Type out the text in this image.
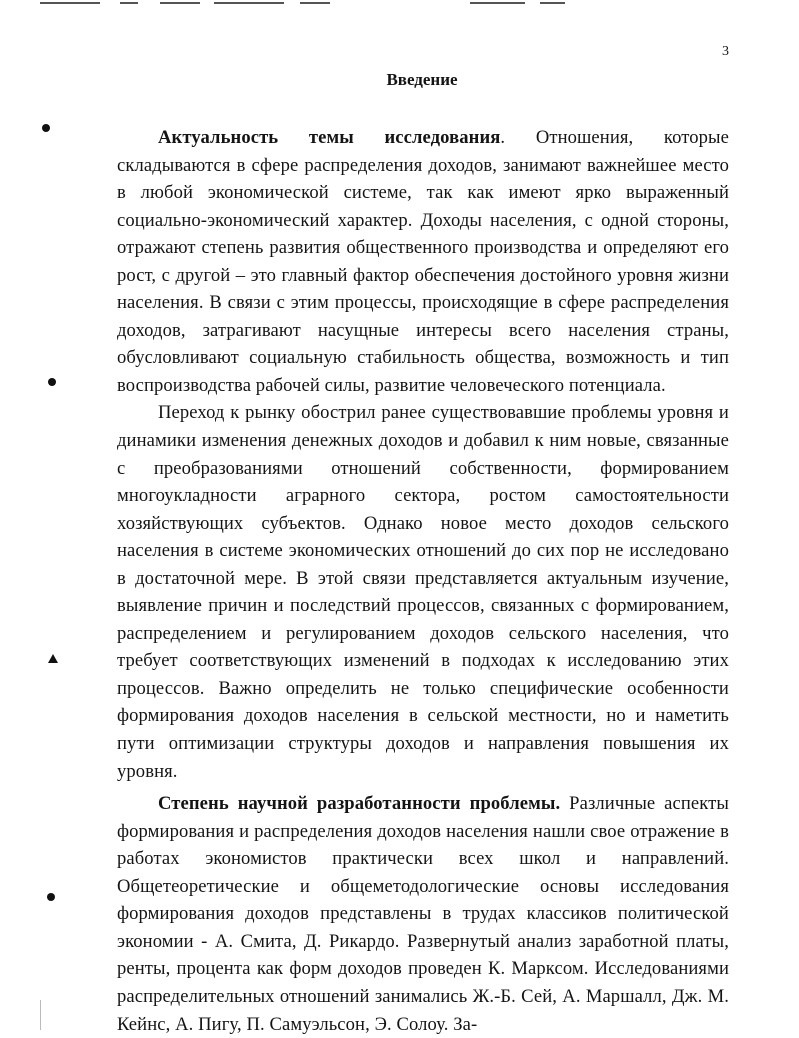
3
Введение

Актуальность темы исследования. Отношения, которые складываются в сфере распределения доходов, занимают важнейшее место в любой экономической системе, так как имеют ярко выраженный социально-экономический характер. Доходы населения, с одной стороны, отражают степень развития общественного производства и определяют его рост, с другой – это главный фактор обеспечения достойного уровня жизни населения. В связи с этим процессы, происходящие в сфере распределения доходов, затрагивают насущные интересы всего населения страны, обусловливают социальную стабильность общества, возможность и тип воспроизводства рабочей силы, развитие человеческого потенциала.

Переход к рынку обострил ранее существовавшие проблемы уровня и динамики изменения денежных доходов и добавил к ним новые, связанные с преобразованиями отношений собственности, формированием многоукладности аграрного сектора, ростом самостоятельности хозяйствующих субъектов. Однако новое место доходов сельского населения в системе экономических отношений до сих пор не исследовано в достаточной мере. В этой связи представляется актуальным изучение, выявление причин и последствий процессов, связанных с формированием, распределением и регулированием доходов сельского населения, что требует соответствующих изменений в подходах к исследованию этих процессов. Важно определить не только специфические особенности формирования доходов населения в сельской местности, но и наметить пути оптимизации структуры доходов и направления повышения их уровня.

Степень научной разработанности проблемы. Различные аспекты формирования и распределения доходов населения нашли свое отражение в работах экономистов практически всех школ и направлений. Общетеоретические и общеметодологические основы исследования формирования доходов представлены в трудах классиков политической экономии - А. Смита, Д. Рикардо. Развернутый анализ заработной платы, ренты, процента как форм доходов проведен К. Марксом. Исследованиями распределительных отношений занимались Ж.-Б. Сей, А. Маршалл, Дж. М. Кейнс, А. Пигу, П. Самуэльсон, Э. Солоу. За-
